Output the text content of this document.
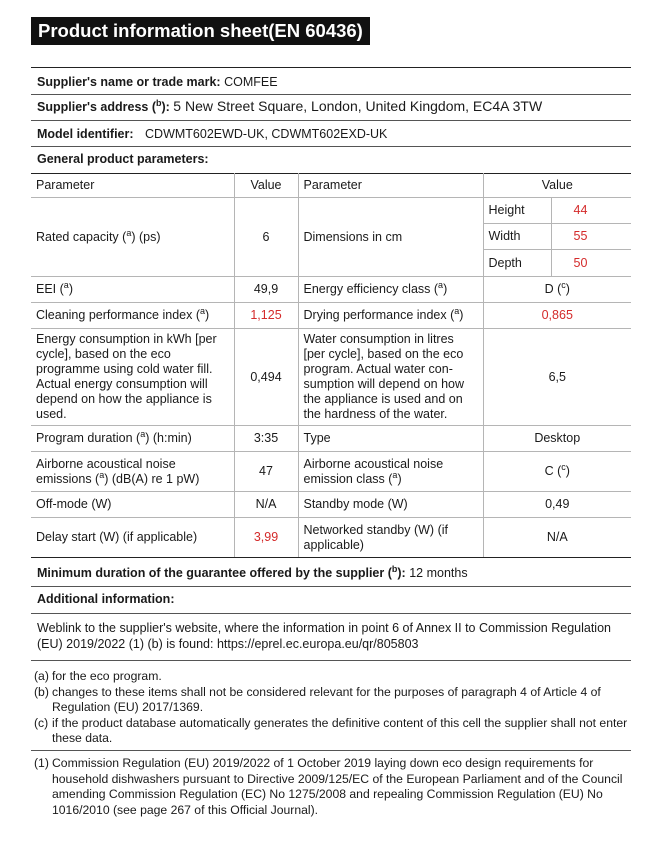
Product information sheet(EN 60436)
Supplier's name or trade mark: COMFEE
Supplier's address ($^b$): 5 New Street Square, London, United Kingdom, EC4A 3TW
Model identifier: CDWMT602EWD-UK, CDWMT602EXD-UK
General product parameters:
Parameter	Value	Parameter	Value	
Rated capacity ($^a$) (ps)	6	Dimensions in cm	Height	44
			Width	55
			Depth	50
EEI ($^a$)	49,9	Energy efficiency class ($^a$)	D ($^c$)	
Cleaning performance index ($^a$)	1,125	Drying performance index ($^a$)	0,865	
Energy consumption in kWh [per cycle], based on the eco programme using cold water fill. Actual energy consumption will depend on how the appliance is used.	0,494	Water consumption in litres [per cycle], based on the eco program. Actual water con-sumption will depend on how the appliance is used and on the hardness of the water.	6,5	
Program duration ($^a$) (h:min)	3:35	Type	Desktop	
Airborne acoustical noise emissions ($^a$) (dB(A) re 1 pW)	47	Airborne acoustical noise emission class ($^a$)	C ($^c$)	
Off-mode (W)	N/A	Standby mode (W)	0,49	
Delay start (W) (if applicable)	3,99	Networked standby (W) (if applicable)	N/A	
Minimum duration of the guarantee offered by the supplier ($^b$): 12 months
Additional information:
Weblink to the supplier's website, where the information in point 6 of Annex II to Commission Regulation (EU) 2019/2022 (1) (b) is found: https://eprel.ec.europa.eu/qr/805803
(a) for the eco program.
(b) changes to these items shall not be considered relevant for the purposes of paragraph 4 of Article 4 of Regulation (EU) 2017/1369.
(c) if the product database automatically generates the definitive content of this cell the supplier shall not enter these data.
(1) Commission Regulation (EU) 2019/2022 of 1 October 2019 laying down eco design requirements for household dishwashers pursuant to Directive 2009/125/EC of the European Parliament and of the Council amending Commission Regulation (EC) No 1275/2008 and repealing Commission Regulation (EU) No 1016/2010 (see page 267 of this Official Journal).
